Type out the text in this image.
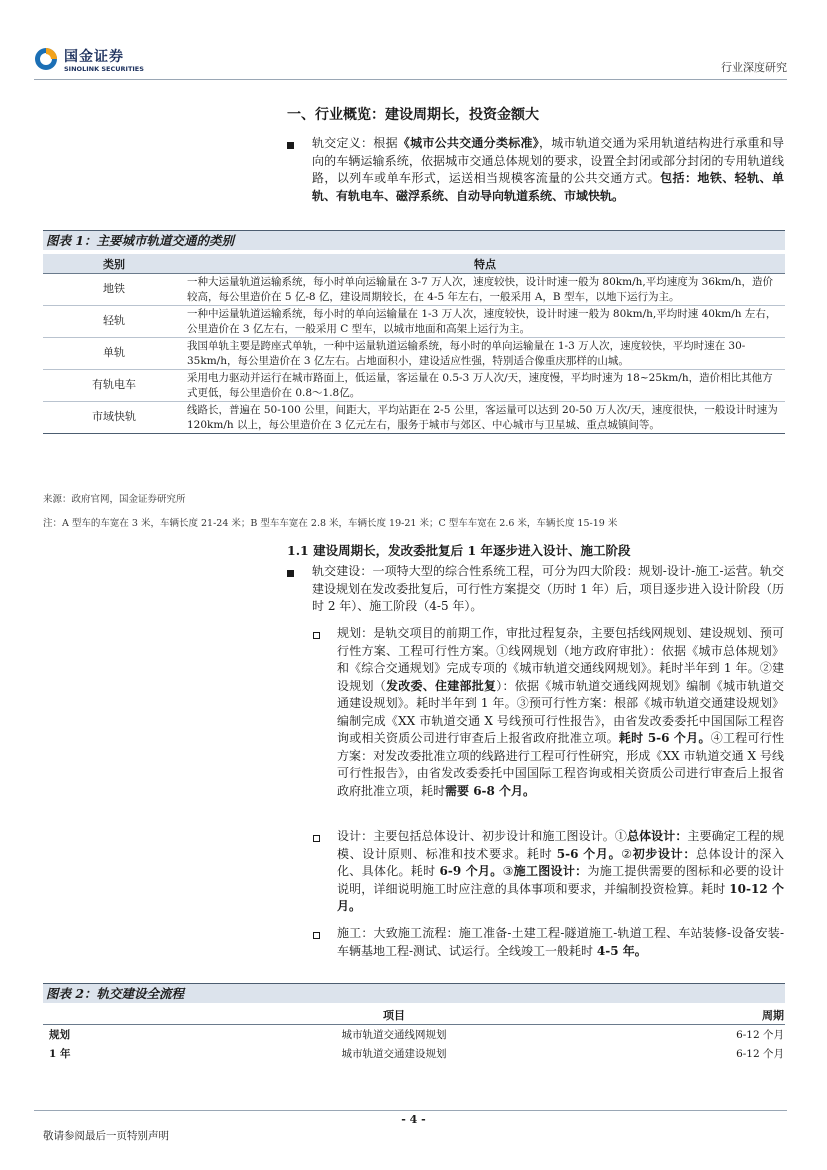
国金证券
SINOLINK SECURITIES	行业深度研究
一、行业概览：建设周期长，投资金额大
轨交定义：根据《城市公共交通分类标准》，城市轨道交通为采用轨道结构进行承重和导向的车辆运输系统，依据城市交通总体规划的要求，设置全封闭或部分封闭的专用轨道线路，以列车或单车形式，运送相当规模客流量的公共交通方式。包括：地铁、轻轨、单轨、有轨电车、磁浮系统、自动导向轨道系统、市域快轨。
图表 1：主要城市轨道交通的类别
类别	特点
地铁	一种大运量轨道运输系统，每小时单向运输量在 3-7 万人次，速度较快，设计时速一般为 80km/h,平均速度为 36km/h，造价较高，每公里造价在 5 亿-8 亿，建设周期较长，在 4-5 年左右，一般采用 A，B 型车，以地下运行为主。
轻轨	一种中运量轨道运输系统，每小时的单向运输量在 1-3 万人次，速度较快，设计时速一般为 80km/h,平均时速 40km/h 左右，公里造价在 3 亿左右，一般采用 C 型车，以城市地面和高架上运行为主。
单轨	我国单轨主要是跨座式单轨，一种中运量轨道运输系统，每小时的单向运输量在 1-3 万人次，速度较快，平均时速在 30-35km/h，每公里造价在 3 亿左右。占地面积小，建设适应性强，特别适合像重庆那样的山城。
有轨电车	采用电力驱动并运行在城市路面上，低运量，客运量在 0.5-3 万人次/天，速度慢，平均时速为 18~25km/h，造价相比其他方式更低，每公里造价在 0.8～1.8亿。
市域快轨	线路长，普遍在 50-100 公里，间距大，平均站距在 2-5 公里，客运量可以达到 20-50 万人次/天，速度很快，一般设计时速为 120km/h 以上，每公里造价在 3 亿元左右，服务于城市与郊区、中心城市与卫星城、重点城镇间等。
来源：政府官网，国金证券研究所
注：A 型车的车宽在 3 米，车辆长度 21-24 米；B 型车车宽在 2.8 米，车辆长度 19-21 米；C 型车车宽在 2.6 米，车辆长度 15-19 米
1.1 建设周期长，发改委批复后 1 年逐步进入设计、施工阶段
轨交建设：一项特大型的综合性系统工程，可分为四大阶段：规划-设计-施工-运营。轨交建设规划在发改委批复后，可行性方案提交（历时 1 年）后，项目逐步进入设计阶段（历时 2 年）、施工阶段（4-5 年）。
规划：是轨交项目的前期工作，审批过程复杂，主要包括线网规划、建设规划、预可行性方案、工程可行性方案。①线网规划（地方政府审批）：依据《城市总体规划》和《综合交通规划》完成专项的《城市轨道交通线网规划》。耗时半年到 1 年。②建设规划（发改委、住建部批复）：依据《城市轨道交通线网规划》编制《城市轨道交通建设规划》。耗时半年到 1 年。③预可行性方案：根部《城市轨道交通建设规划》编制完成《XX 市轨道交通 X 号线预可行性报告》，由省发改委委托中国国际工程咨询或相关资质公司进行审查后上报省政府批准立项。耗时 5-6 个月。④工程可行性方案：对发改委批准立项的线路进行工程可行性研究，形成《XX 市轨道交通 X 号线可行性报告》，由省发改委委托中国国际工程咨询或相关资质公司进行审查后上报省政府批准立项，耗时需要 6-8 个月。
设计：主要包括总体设计、初步设计和施工图设计。①总体设计：主要确定工程的规模、设计原则、标准和技术要求。耗时 5-6 个月。②初步设计：总体设计的深入化、具体化。耗时 6-9 个月。③施工图设计：为施工提供需要的图标和必要的设计说明，详细说明施工时应注意的具体事项和要求，并编制投资检算。耗时 10-12 个月。
施工：大致施工流程：施工准备-土建工程-隧道施工-轨道工程、车站装修-设备安装-车辆基地工程-测试、试运行。全线竣工一般耗时 4-5 年。
图表 2：轨交建设全流程
	项目	周期
规划	城市轨道交通线网规划	6-12 个月
1 年	城市轨道交通建设规划	6-12 个月
- 4 -
敬请参阅最后一页特别声明
